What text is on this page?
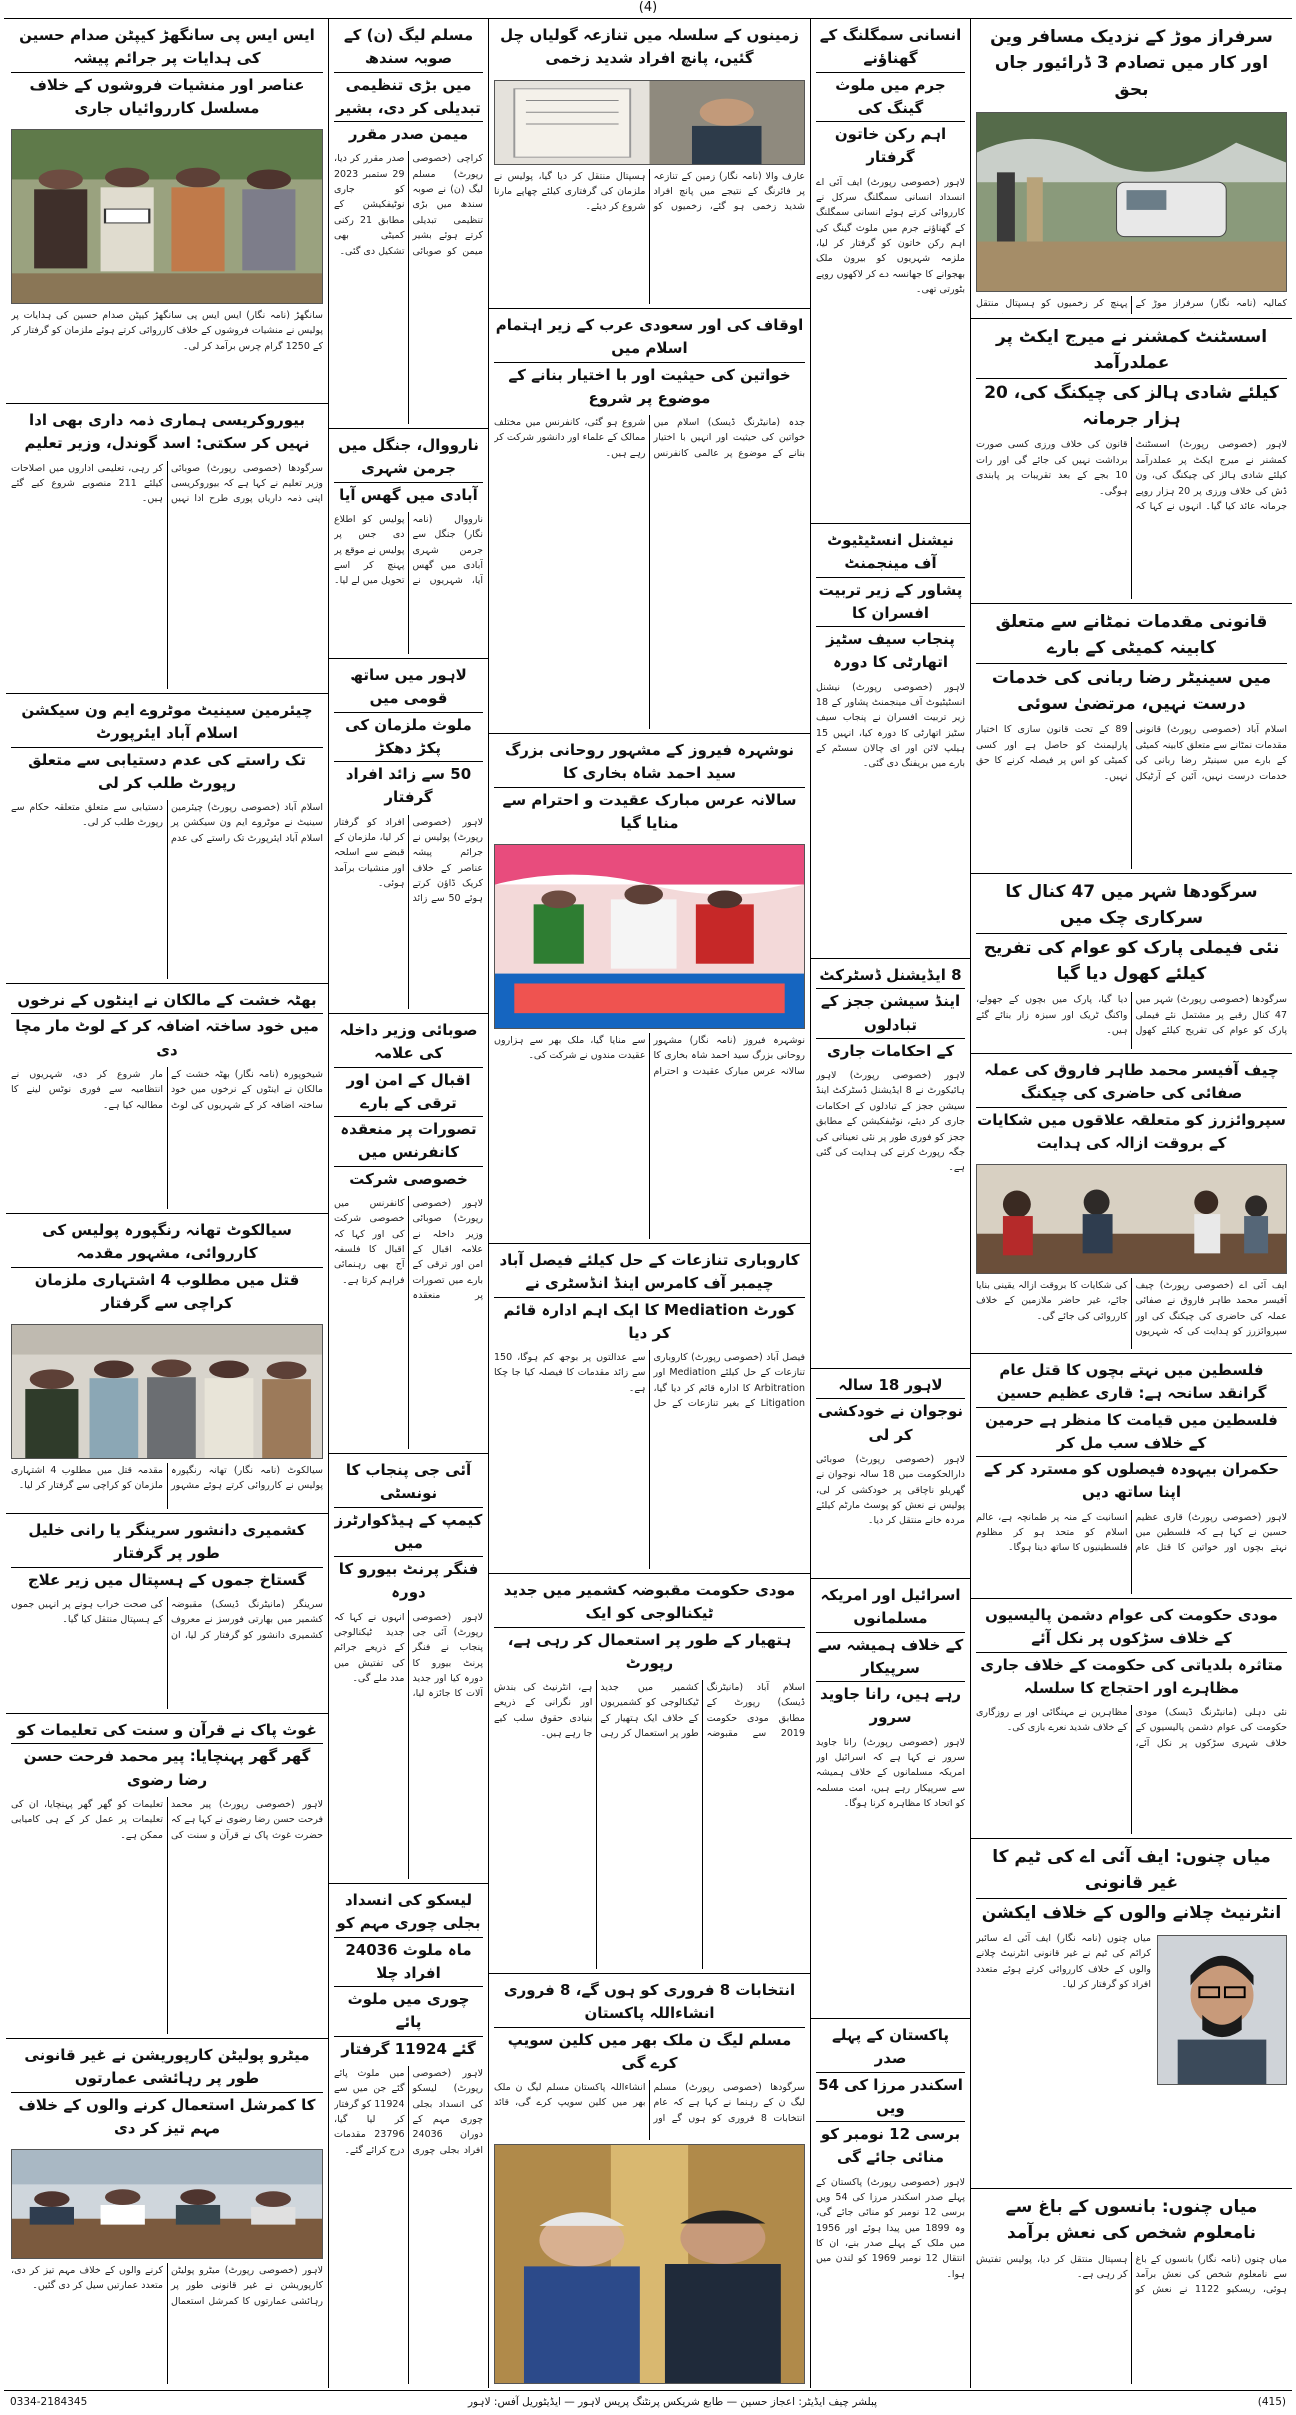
(4)
سرفراز موڑ کے نزدیک مسافر وین اور کار میں تصادم 3 ڈرائیور جاں بحق
کمالیہ (نامہ نگار) سرفراز موڑ کے پہنچ کر زخمیوں کو ہسپتال منتقل
اسسٹنٹ کمشنر نے میرج ایکٹ پر عملدرآمد
کیلئے شادی ہالز کی چیکنگ کی، 20 ہزار جرمانہ
لاہور (خصوصی رپورٹ) اسسٹنٹ کمشنر نے میرج ایکٹ پر عملدرآمد کیلئے شادی ہالز کی چیکنگ کی، ون ڈش کی خلاف ورزی پر 20 ہزار روپے جرمانہ عائد کیا گیا۔ انہوں نے کہا کہ قانون کی خلاف ورزی کسی صورت برداشت نہیں کی جائے گی اور رات 10 بجے کے بعد تقریبات پر پابندی ہوگی۔
قانونی مقدمات نمٹانے سے متعلق کابینہ کمیٹی کے بارے
میں سینیٹر رضا ربانی کی خدمات درست نہیں، مرتضیٰ سوئی
اسلام آباد (خصوصی رپورٹ) قانونی مقدمات نمٹانے سے متعلق کابینہ کمیٹی کے بارے میں سینیٹر رضا ربانی کی خدمات درست نہیں، آئین کے آرٹیکل 89 کے تحت قانون سازی کا اختیار پارلیمنٹ کو حاصل ہے اور کسی کمیٹی کو اس پر فیصلہ کرنے کا حق نہیں۔
سرگودھا شہر میں 47 کنال کا سرکاری چک میں
نئی فیملی پارک کو عوام کی تفریح کیلئے کھول دیا گیا
سرگودھا (خصوصی رپورٹ) شہر میں 47 کنال رقبے پر مشتمل نئے فیملی پارک کو عوام کی تفریح کیلئے کھول دیا گیا، پارک میں بچوں کے جھولے، واکنگ ٹریک اور سبزہ زار بنائے گئے ہیں۔
چیف آفیسر محمد طاہر فاروق کی عملہ صفائی کی حاضری کی چیکنگ
سپروائزرز کو متعلقہ علاقوں میں شکایات کے بروقت ازالہ کی ہدایت
ایف آئی اے (خصوصی رپورٹ) چیف آفیسر محمد طاہر فاروق نے صفائی عملہ کی حاضری کی چیکنگ کی اور سپروائزرز کو ہدایت کی کہ شہریوں کی شکایات کا بروقت ازالہ یقینی بنایا جائے، غیر حاضر ملازمین کے خلاف کارروائی کی جائے گی۔
فلسطین میں نہتے بچوں کا قتل عام گرانقد سانحہ ہے: قاری عظیم حسین
فلسطین میں قیامت کا منظر ہے حرمین کے خلاف سب مل کر
حکمران بیہودہ فیصلوں کو مسترد کر کے اپنا ساتھ دیں
لاہور (خصوصی رپورٹ) قاری عظیم حسین نے کہا ہے کہ فلسطین میں نہتے بچوں اور خواتین کا قتل عام انسانیت کے منہ پر طمانچہ ہے، عالم اسلام کو متحد ہو کر مظلوم فلسطینیوں کا ساتھ دینا ہوگا۔
مودی حکومت کی عوام دشمن پالیسیوں کے خلاف سڑکوں پر نکل آئے
متاثرہ بلدیاتی کی حکومت کے خلاف جاری مظاہرے اور احتجاج کا سلسلہ
نئی دہلی (مانیٹرنگ ڈیسک) مودی حکومت کی عوام دشمن پالیسیوں کے خلاف شہری سڑکوں پر نکل آئے، مظاہرین نے مہنگائی اور بے روزگاری کے خلاف شدید نعرے بازی کی۔
میاں چنوں: ایف آئی اے کی ٹیم کا غیر قانونی
انٹرنیٹ چلانے والوں کے خلاف ایکشن
میاں چنوں (نامہ نگار) ایف آئی اے سائبر کرائم کی ٹیم نے غیر قانونی انٹرنیٹ چلانے والوں کے خلاف کارروائی کرتے ہوئے متعدد افراد کو گرفتار کر لیا۔
میاں چنوں: بانسوں کے باغ سے نامعلوم شخص کی نعش برآمد
میاں چنوں (نامہ نگار) بانسوں کے باغ سے نامعلوم شخص کی نعش برآمد ہوئی، ریسکیو 1122 نے نعش کو ہسپتال منتقل کر دیا، پولیس تفتیش کر رہی ہے۔
انسانی سمگلنگ کے گھناؤنے
جرم میں ملوث گینگ کی
اہم رکن خاتون گرفتار
لاہور (خصوصی رپورٹ) ایف آئی اے انسداد انسانی سمگلنگ سرکل نے کارروائی کرتے ہوئے انسانی سمگلنگ کے گھناؤنے جرم میں ملوث گینگ کی اہم رکن خاتون کو گرفتار کر لیا، ملزمہ شہریوں کو بیرون ملک بھجوانے کا جھانسہ دے کر لاکھوں روپے بٹورتی تھی۔
نیشنل انسٹیٹیوٹ آف مینجمنٹ
پشاور کے زیر تربیت افسران کا
پنجاب سیف سٹیز اتھارٹی کا دورہ
لاہور (خصوصی رپورٹ) نیشنل انسٹیٹیوٹ آف مینجمنٹ پشاور کے 18 زیر تربیت افسران نے پنجاب سیف سٹیز اتھارٹی کا دورہ کیا، انہیں 15 ہیلپ لائن اور ای چالان سسٹم کے بارے میں بریفنگ دی گئی۔
8 ایڈیشنل ڈسٹرکٹ
اینڈ سیشن ججز کے تبادلوں
کے احکامات جاری
لاہور (خصوصی رپورٹ) لاہور ہائیکورٹ نے 8 ایڈیشنل ڈسٹرکٹ اینڈ سیشن ججز کے تبادلوں کے احکامات جاری کر دیئے، نوٹیفکیشن کے مطابق ججز کو فوری طور پر نئی تعیناتی کی جگہ رپورٹ کرنے کی ہدایت کی گئی ہے۔
لاہور 18 سالہ
نوجوان نے خودکشی کر لی
لاہور (خصوصی رپورٹ) صوبائی دارالحکومت میں 18 سالہ نوجوان نے گھریلو ناچاقی پر خودکشی کر لی، پولیس نے نعش کو پوسٹ مارٹم کیلئے مردہ خانے منتقل کر دیا۔
اسرائیل اور امریکہ مسلمانوں
کے خلاف ہمیشہ سے سرپیکار
رہے ہیں، رانا جاوید سرور
لاہور (خصوصی رپورٹ) رانا جاوید سرور نے کہا ہے کہ اسرائیل اور امریکہ مسلمانوں کے خلاف ہمیشہ سے سرپیکار رہے ہیں، امت مسلمہ کو اتحاد کا مظاہرہ کرنا ہوگا۔
پاکستان کے پہلے صدر
اسکندر مرزا کی 54 ویں
برسی 12 نومبر کو منائی جائے گی
لاہور (خصوصی رپورٹ) پاکستان کے پہلے صدر اسکندر مرزا کی 54 ویں برسی 12 نومبر کو منائی جائے گی، وہ 1899 میں پیدا ہوئے اور 1956 میں ملک کے پہلے صدر بنے، ان کا انتقال 12 نومبر 1969 کو لندن میں ہوا۔
زمینوں کے سلسلہ میں تنازعہ گولیاں چل گئیں، پانچ افراد شدید زخمی
عارف والا (نامہ نگار) زمین کے تنازعہ پر فائرنگ کے نتیجے میں پانچ افراد شدید زخمی ہو گئے، زخمیوں کو ہسپتال منتقل کر دیا گیا، پولیس نے ملزمان کی گرفتاری کیلئے چھاپے مارنا شروع کر دیئے۔
اوقاف کی اور سعودی عرب کے زیر اہتمام اسلام میں
خواتین کی حیثیت اور با اختیار بنانے کے موضوع پر شروع
جدہ (مانیٹرنگ ڈیسک) اسلام میں خواتین کی حیثیت اور انہیں با اختیار بنانے کے موضوع پر عالمی کانفرنس شروع ہو گئی، کانفرنس میں مختلف ممالک کے علماء اور دانشور شرکت کر رہے ہیں۔
نوشہرہ فیروز کے مشہور روحانی بزرگ سید احمد شاہ بخاری کا
سالانہ عرس مبارک عقیدت و احترام سے منایا گیا
نوشہرہ فیروز (نامہ نگار) مشہور روحانی بزرگ سید احمد شاہ بخاری کا سالانہ عرس مبارک عقیدت و احترام سے منایا گیا، ملک بھر سے ہزاروں عقیدت مندوں نے شرکت کی۔
کاروباری تنازعات کے حل کیلئے فیصل آباد چیمبر آف کامرس اینڈ انڈسٹری نے
کورٹ Mediation کا ایک اہم ادارہ قائم کر دیا
فیصل آباد (خصوصی رپورٹ) کاروباری تنازعات کے حل کیلئے Mediation اور Arbitration کا ادارہ قائم کر دیا گیا، Litigation کے بغیر تنازعات کے حل سے عدالتوں پر بوجھ کم ہوگا، 150 سے زائد مقدمات کا فیصلہ کیا جا چکا ہے۔
مودی حکومت مقبوضہ کشمیر میں جدید ٹیکنالوجی کو ایک
ہتھیار کے طور پر استعمال کر رہی ہے، رپورٹ
اسلام آباد (مانیٹرنگ ڈیسک) رپورٹ کے مطابق مودی حکومت 2019 سے مقبوضہ کشمیر میں جدید ٹیکنالوجی کو کشمیریوں کے خلاف ایک ہتھیار کے طور پر استعمال کر رہی ہے، انٹرنیٹ کی بندش اور نگرانی کے ذریعے بنیادی حقوق سلب کیے جا رہے ہیں۔
انتخابات 8 فروری کو ہوں گے، 8 فروری انشاءاللہ پاکستان
مسلم لیگ ن ملک بھر میں کلین سویپ کرے گی
سرگودھا (خصوصی رپورٹ) مسلم لیگ ن کے رہنما نے کہا ہے کہ عام انتخابات 8 فروری کو ہوں گے اور انشاءاللہ پاکستان مسلم لیگ ن ملک بھر میں کلین سویپ کرے گی، قائد
مسلم لیگ (ن) کے صوبہ سندھ
میں بڑی تنظیمی تبدیلی کر دی، بشیر
میمن صدر مقرر
کراچی (خصوصی رپورٹ) مسلم لیگ (ن) نے صوبہ سندھ میں بڑی تنظیمی تبدیلی کرتے ہوئے بشیر میمن کو صوبائی صدر مقرر کر دیا، 29 ستمبر 2023 کو جاری نوٹیفکیشن کے مطابق 21 رکنی کمیٹی بھی تشکیل دی گئی۔
نارووال، جنگل میں جرمن شہری
آبادی میں گھس آیا
نارووال (نامہ نگار) جنگل سے جرمن شہری آبادی میں گھس آیا، شہریوں نے پولیس کو اطلاع دی جس پر پولیس نے موقع پر پہنچ کر اسے تحویل میں لے لیا۔
لاہور میں ساتھ قومی میں
ملوث ملزمان کی پکڑ دھکڑ
50 سے زائد افراد گرفتار
لاہور (خصوصی رپورٹ) پولیس نے جرائم پیشہ عناصر کے خلاف کریک ڈاؤن کرتے ہوئے 50 سے زائد افراد کو گرفتار کر لیا، ملزمان کے قبضے سے اسلحہ اور منشیات برآمد ہوئی۔
صوبائی وزیر داخلہ کی علامہ
اقبال کے امن اور ترقی کے بارے
تصورات پر منعقدہ کانفرنس میں
خصوصی شرکت
لاہور (خصوصی رپورٹ) صوبائی وزیر داخلہ نے علامہ اقبال کے امن اور ترقی کے بارے میں تصورات پر منعقدہ کانفرنس میں خصوصی شرکت کی اور کہا کہ اقبال کا فلسفہ آج بھی رہنمائی فراہم کرتا ہے۔
آئی جی پنجاب کا نونسٹی
کیمپ کے ہیڈکوارٹرز میں
فنگر پرنٹ بیورو کا دورہ
لاہور (خصوصی رپورٹ) آئی جی پنجاب نے فنگر پرنٹ بیورو کا دورہ کیا اور جدید آلات کا جائزہ لیا، انہوں نے کہا کہ جدید ٹیکنالوجی کے ذریعے جرائم کی تفتیش میں مدد ملے گی۔
لیسکو کی انسداد بجلی چوری مہم کو
ماہ ملوث 24036 افراد چلا
چوری میں ملوث پائے
گئے 11924 گرفتار
لاہور (خصوصی رپورٹ) لیسکو کی انسداد بجلی چوری مہم کے دوران 24036 افراد بجلی چوری میں ملوث پائے گئے جن میں سے 11924 کو گرفتار کر لیا گیا، 23796 مقدمات درج کرائے گئے۔
ایس ایس پی سانگھڑ کیپٹن صدام حسین کی ہدایات پر جرائم پیشہ
عناصر اور منشیات فروشوں کے خلاف مسلسل کارروائیاں جاری
سانگھڑ (نامہ نگار) ایس ایس پی سانگھڑ کیپٹن صدام حسین کی ہدایات پر پولیس نے منشیات فروشوں کے خلاف کارروائی کرتے ہوئے ملزمان کو گرفتار کر کے 1250 گرام چرس برآمد کر لی۔
بیوروکریسی ہماری ذمہ داری بھی ادا نہیں کر سکتی: اسد گوندل، وزیر تعلیم
سرگودھا (خصوصی رپورٹ) صوبائی وزیر تعلیم نے کہا ہے کہ بیوروکریسی اپنی ذمہ داریاں پوری طرح ادا نہیں کر رہی، تعلیمی اداروں میں اصلاحات کیلئے 211 منصوبے شروع کیے گئے ہیں۔
چیئرمین سینیٹ موٹروے ایم ون سیکشن اسلام آباد ایئرپورٹ
تک راستے کی عدم دستیابی سے متعلق رپورٹ طلب کر لی
اسلام آباد (خصوصی رپورٹ) چیئرمین سینیٹ نے موٹروے ایم ون سیکشن پر اسلام آباد ایئرپورٹ تک راستے کی عدم دستیابی سے متعلق متعلقہ حکام سے رپورٹ طلب کر لی۔
بھٹہ خشت کے مالکان نے اینٹوں کے نرخوں
میں خود ساختہ اضافہ کر کے لوٹ مار مچا دی
شیخوپورہ (نامہ نگار) بھٹہ خشت کے مالکان نے اینٹوں کے نرخوں میں خود ساختہ اضافہ کر کے شہریوں کی لوٹ مار شروع کر دی، شہریوں نے انتظامیہ سے فوری نوٹس لینے کا مطالبہ کیا ہے۔
سیالکوٹ تھانہ رنگپورہ پولیس کی کارروائی، مشہور مقدمہ
قتل میں مطلوب 4 اشتہاری ملزمان کراچی سے گرفتار
سیالکوٹ (نامہ نگار) تھانہ رنگپورہ پولیس نے کارروائی کرتے ہوئے مشہور مقدمہ قتل میں مطلوب 4 اشتہاری ملزمان کو کراچی سے گرفتار کر لیا۔
کشمیری دانشور سرینگر یا رانی خلیل طور پر گرفتار
گستاخ جموں کے ہسپتال میں زیر علاج
سرینگر (مانیٹرنگ ڈیسک) مقبوضہ کشمیر میں بھارتی فورسز نے معروف کشمیری دانشور کو گرفتار کر لیا، ان کی صحت خراب ہونے پر انہیں جموں کے ہسپتال منتقل کیا گیا۔
غوث پاک نے قرآن و سنت کی تعلیمات کو
گھر گھر پہنچایا: پیر محمد فرحت حسن رضا رضوی
لاہور (خصوصی رپورٹ) پیر محمد فرحت حسن رضا رضوی نے کہا ہے کہ حضرت غوث پاک نے قرآن و سنت کی تعلیمات کو گھر گھر پہنچایا، ان کی تعلیمات پر عمل کر کے ہی کامیابی ممکن ہے۔
میٹرو پولیٹن کارپوریشن نے غیر قانونی طور پر رہائشی عمارتوں
کا کمرشل استعمال کرنے والوں کے خلاف مہم تیز کر دی
لاہور (خصوصی رپورٹ) میٹرو پولیٹن کارپوریشن نے غیر قانونی طور پر رہائشی عمارتوں کا کمرشل استعمال کرنے والوں کے خلاف مہم تیز کر دی، متعدد عمارتیں سیل کر دی گئیں۔
(415)
پبلشر چیف ایڈیٹر: اعجاز حسین — طابع شریکس پرنٹنگ پریس لاہور — ایڈیٹوریل آفس: لاہور
0334-2184345
